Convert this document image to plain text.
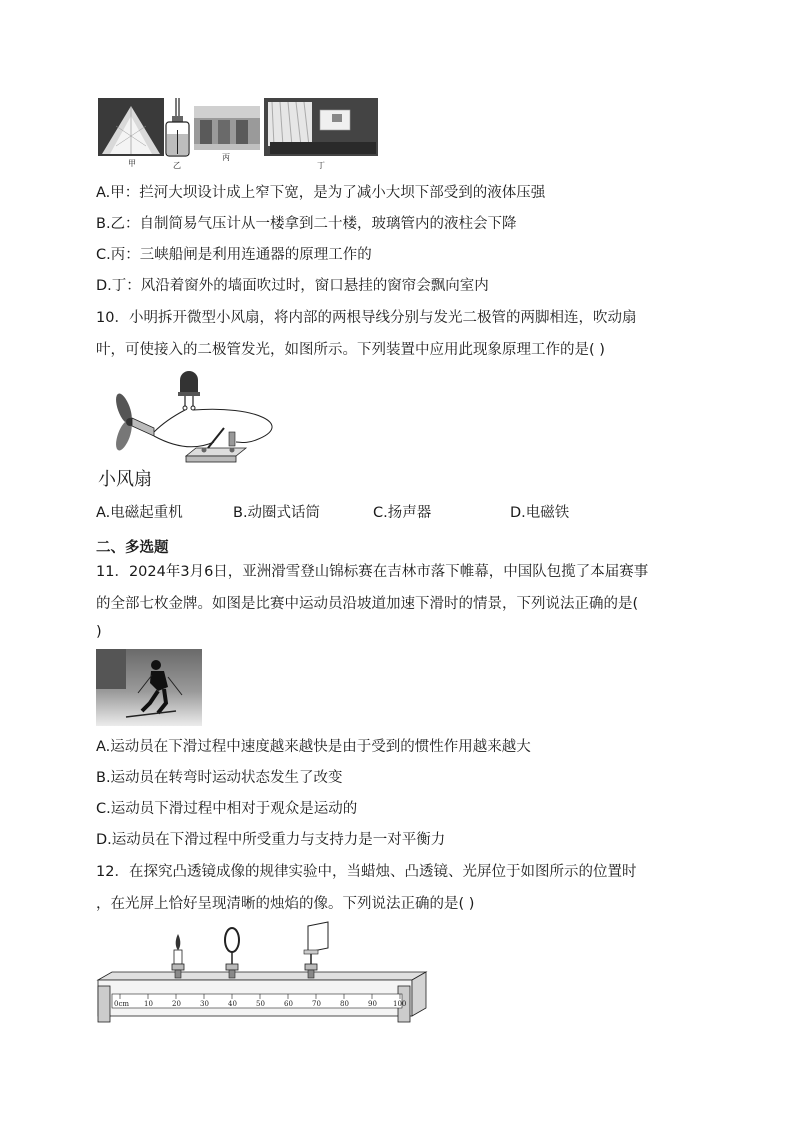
甲	乙
丙
丁
A.甲：拦河大坝设计成上窄下宽，是为了减小大坝下部受到的液体压强
B.乙：自制简易气压计从一楼拿到二十楼，玻璃管内的液柱会下降
C.丙：三峡船闸是利用连通器的原理工作的
D.丁：风沿着窗外的墙面吹过时，窗口悬挂的窗帘会飘向室内
10．小明拆开微型小风扇，将内部的两根导线分别与发光二极管的两脚相连，吹动扇
叶，可使接入的二极管发光，如图所示。下列装置中应用此现象原理工作的是( )
小风扇
A.电磁起重机	B.动圈式话筒	C.扬声器	D.电磁铁
二、多选题
11．2024年3月6日，亚洲滑雪登山锦标赛在吉林市落下帷幕，中国队包揽了本届赛事
的全部七枚金牌。如图是比赛中运动员沿坡道加速下滑时的情景，下列说法正确的是(
)
A.运动员在下滑过程中速度越来越快是由于受到的惯性作用越来越大
B.运动员在转弯时运动状态发生了改变
C.运动员下滑过程中相对于观众是运动的
D.运动员在下滑过程中所受重力与支持力是一对平衡力
12．在探究凸透镜成像的规律实验中，当蜡烛、凸透镜、光屏位于如图所示的位置时
，在光屏上恰好呈现清晰的烛焰的像。下列说法正确的是( )
0cm 10	20	30	40	50	60	70	80	90 100
